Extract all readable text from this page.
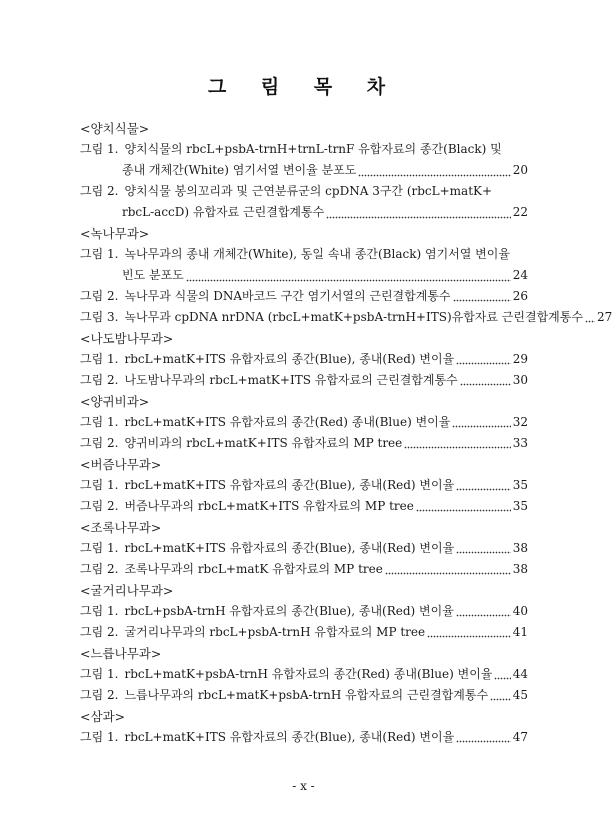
그 림 목 차
<양치식물>
그림 1. 양치식물의 rbcL+psbA-trnH+trnL-trnF 유합자료의 종간(Black) 및
종내 개체간(White) 염기서열 변이율 분포도	20
그림 2. 양치식물 봉의꼬리과 및 근연분류군의 cpDNA 3구간 (rbcL+matK+
rbcL-accD) 유합자료 근린결합계통수	22
<녹나무과>
그림 1. 녹나무과의 종내 개체간(White), 동일 속내 종간(Black) 염기서열 변이율
빈도 분포도	24
그림 2. 녹나무과 식물의 DNA바코드 구간 염기서열의 근린결합계통수	26
그림 3. 녹나무과 cpDNA nrDNA (rbcL+matK+psbA-trnH+ITS)유합자료 근린결합계통수 27
<나도밤나무과>
그림 1. rbcL+matK+ITS 유합자료의 종간(Blue), 종내(Red) 변이율	29
그림 2. 나도밤나무과의 rbcL+matK+ITS 유합자료의 근린결합계통수	30
<양귀비과>
그림 1. rbcL+matK+ITS 유합자료의 종간(Red) 종내(Blue) 변이율	32
그림 2. 양귀비과의 rbcL+matK+ITS 유합자료의 MP tree	33
<버즘나무과>
그림 1. rbcL+matK+ITS 유합자료의 종간(Blue), 종내(Red) 변이율	35
그림 2. 버즘나무과의 rbcL+matK+ITS 유합자료의 MP tree	35
<조록나무과>
그림 1. rbcL+matK+ITS 유합자료의 종간(Blue), 종내(Red) 변이율	38
그림 2. 조록나무과의 rbcL+matK 유합자료의 MP tree	38
<굴거리나무과>
그림 1. rbcL+psbA-trnH 유합자료의 종간(Blue), 종내(Red) 변이율	40
그림 2. 굴거리나무과의 rbcL+psbA-trnH 유합자료의 MP tree	41
<느릅나무과>
그림 1. rbcL+matK+psbA-trnH 유합자료의 종간(Red) 종내(Blue) 변이율 44
그림 2. 느릅나무과의 rbcL+matK+psbA-trnH 유합자료의 근린결합계통수 45
<삼과>
그림 1. rbcL+matK+ITS 유합자료의 종간(Blue), 종내(Red) 변이율	47
- x -
